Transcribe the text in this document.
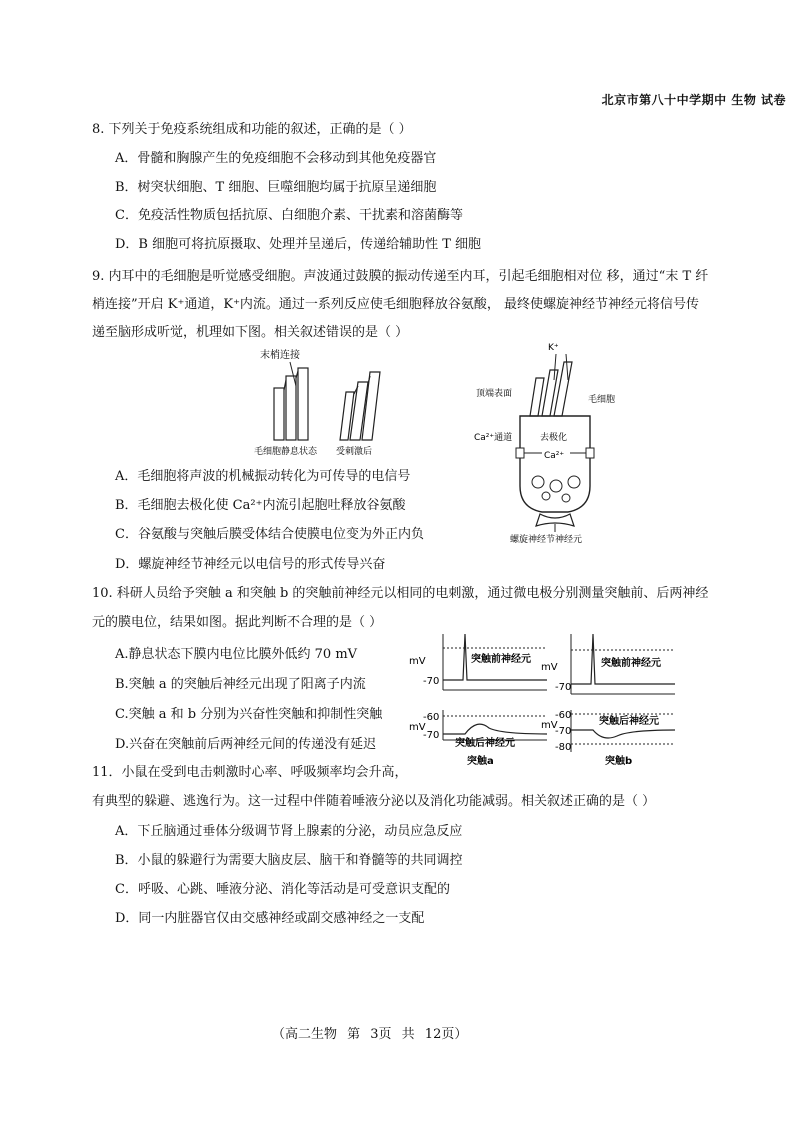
北京市第八十中学期中 生物 试卷
8. 下列关于免疫系统组成和功能的叙述，正确的是（ ）
A．骨髓和胸腺产生的免疫细胞不会移动到其他免疫器官
B．树突状细胞、T 细胞、巨噬细胞均属于抗原呈递细胞
C．免疫活性物质包括抗原、白细胞介素、干扰素和溶菌酶等
D．B 细胞可将抗原摄取、处理并呈递后，传递给辅助性 T 细胞
9. 内耳中的毛细胞是听觉感受细胞。声波通过鼓膜的振动传递至内耳，引起毛细胞相对位 移，通过“末 T 纤
梢连接”开启 K⁺通道，K⁺内流。通过一系列反应使毛细胞释放谷氨酸， 最终使螺旋神经节神经元将信号传
递至脑形成听觉，机理如下图。相关叙述错误的是（ ）
末梢连接
毛细胞静息状态 受刺激后
K⁺
顶端表面
毛细胞
Ca²⁺通道	去极化
Ca²⁺
螺旋神经节神经元
A．毛细胞将声波的机械振动转化为可传导的电信号
B．毛细胞去极化使 Ca²⁺内流引起胞吐释放谷氨酸
C．谷氨酸与突触后膜受体结合使膜电位变为外正内负
D．螺旋神经节神经元以电信号的形式传导兴奋
10. 科研人员给予突触 a 和突触 b 的突触前神经元以相同的电刺激，通过微电极分别测量突触前、后两神经
元的膜电位，结果如图。据此判断不合理的是（ ）
A.静息状态下膜内电位比膜外低约 70 mV
B.突触 a 的突触后神经元出现了阳离子内流
C.突触 a 和 b 分别为兴奋性突触和抑制性突触
D.兴奋在突触前后两神经元间的传递没有延迟
mV
-70
突触前神经元
mV
-70
突触前神经元
-60
mV
-70
突触后神经元
突触a
-60
mV
-70
-80
突触后神经元
突触b
11．小鼠在受到电击刺激时心率、呼吸频率均会升高，
有典型的躲避、逃逸行为。这一过程中伴随着唾液分泌以及消化功能减弱。相关叙述正确的是（ ）
A．下丘脑通过垂体分级调节肾上腺素的分泌，动员应急反应
B．小鼠的躲避行为需要大脑皮层、脑干和脊髓等的共同调控
C．呼吸、心跳、唾液分泌、消化等活动是可受意识支配的
D．同一内脏器官仅由交感神经或副交感神经之一支配
（高二生物 第 3页 共 12页）
